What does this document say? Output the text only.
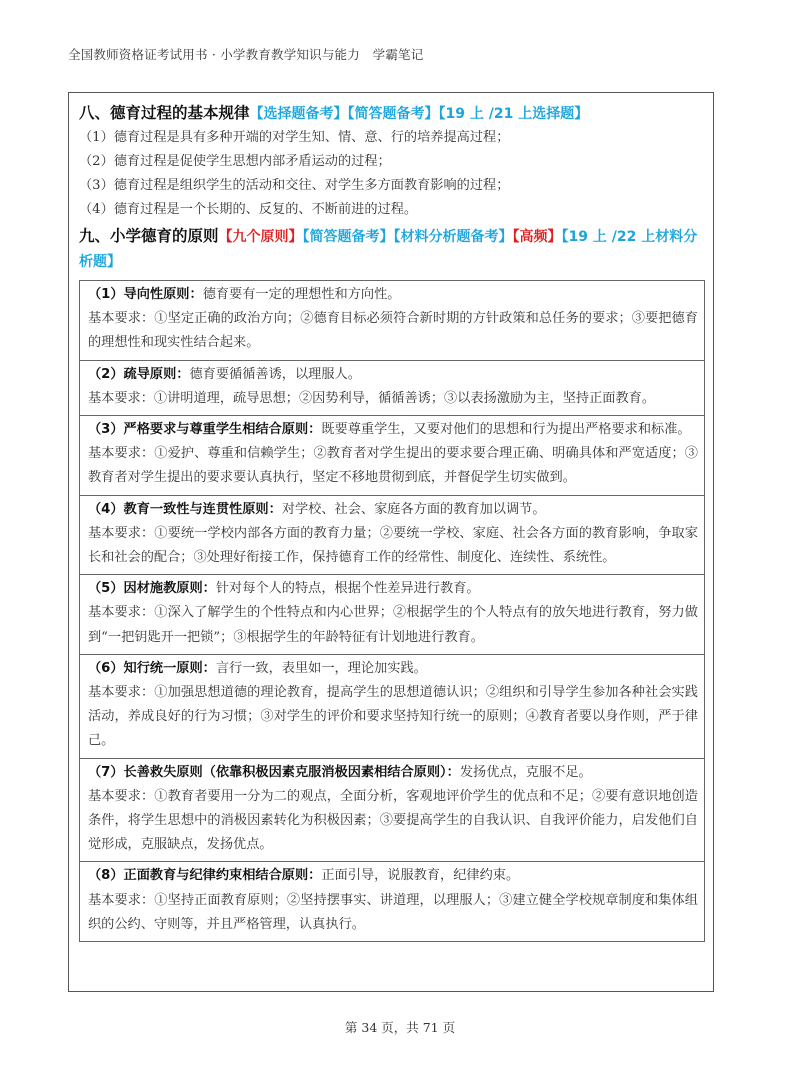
全国教师资格证考试用书 · 小学教育教学知识与能力　学霸笔记
八、德育过程的基本规律【选择题备考】【简答题备考】【19 上 /21 上选择题】
（1）德育过程是具有多种开端的对学生知、情、意、行的培养提高过程；
（2）德育过程是促使学生思想内部矛盾运动的过程；
（3）德育过程是组织学生的活动和交往、对学生多方面教育影响的过程；
（4）德育过程是一个长期的、反复的、不断前进的过程。
九、小学德育的原则【九个原则】【简答题备考】【材料分析题备考】【高频】【19 上 /22 上材料分析题】
（1）导向性原则：德育要有一定的理想性和方向性。
基本要求：①坚定正确的政治方向；②德育目标必须符合新时期的方针政策和总任务的要求；③要把德育的理想性和现实性结合起来。
（2）疏导原则：德育要循循善诱，以理服人。
基本要求：①讲明道理，疏导思想；②因势利导，循循善诱；③以表扬激励为主，坚持正面教育。
（3）严格要求与尊重学生相结合原则：既要尊重学生，又要对他们的思想和行为提出严格要求和标准。
基本要求：①爱护、尊重和信赖学生；②教育者对学生提出的要求要合理正确、明确具体和严宽适度；③教育者对学生提出的要求要认真执行，坚定不移地贯彻到底，并督促学生切实做到。
（4）教育一致性与连贯性原则：对学校、社会、家庭各方面的教育加以调节。
基本要求：①要统一学校内部各方面的教育力量；②要统一学校、家庭、社会各方面的教育影响，争取家长和社会的配合；③处理好衔接工作，保持德育工作的经常性、制度化、连续性、系统性。
（5）因材施教原则：针对每个人的特点，根据个性差异进行教育。
基本要求：①深入了解学生的个性特点和内心世界；②根据学生的个人特点有的放矢地进行教育，努力做到“一把钥匙开一把锁”；③根据学生的年龄特征有计划地进行教育。
（6）知行统一原则：言行一致，表里如一，理论加实践。
基本要求：①加强思想道德的理论教育，提高学生的思想道德认识；②组织和引导学生参加各种社会实践活动，养成良好的行为习惯；③对学生的评价和要求坚持知行统一的原则；④教育者要以身作则，严于律己。
（7）长善救失原则（依靠积极因素克服消极因素相结合原则）：发扬优点，克服不足。
基本要求：①教育者要用一分为二的观点，全面分析，客观地评价学生的优点和不足；②要有意识地创造条件，将学生思想中的消极因素转化为积极因素；③要提高学生的自我认识、自我评价能力，启发他们自觉形成，克服缺点，发扬优点。
（8）正面教育与纪律约束相结合原则：正面引导，说服教育，纪律约束。
基本要求：①坚持正面教育原则；②坚持摆事实、讲道理，以理服人；③建立健全学校规章制度和集体组织的公约、守则等，并且严格管理，认真执行。
第 34 页，共 71 页
